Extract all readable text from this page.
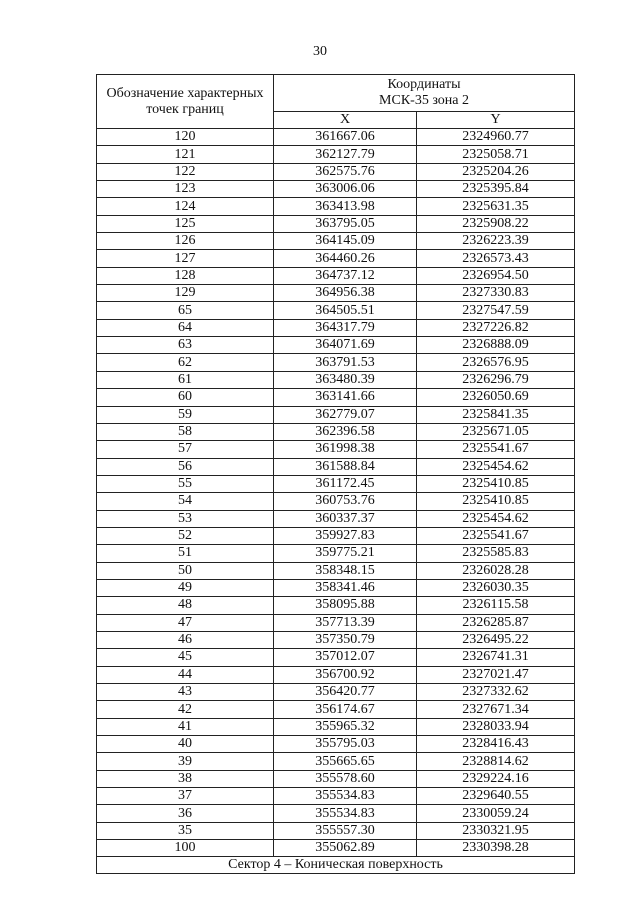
30
Обозначение характерных точек границ	Координаты
МСК-35 зона 2	

	X	Y
120	361667.06	2324960.77
121	362127.79	2325058.71
122	362575.76	2325204.26
123	363006.06	2325395.84
124	363413.98	2325631.35
125	363795.05	2325908.22
126	364145.09	2326223.39
127	364460.26	2326573.43
128	364737.12	2326954.50
129	364956.38	2327330.83
65	364505.51	2327547.59
64	364317.79	2327226.82
63	364071.69	2326888.09
62	363791.53	2326576.95
61	363480.39	2326296.79
60	363141.66	2326050.69
59	362779.07	2325841.35
58	362396.58	2325671.05
57	361998.38	2325541.67
56	361588.84	2325454.62
55	361172.45	2325410.85
54	360753.76	2325410.85
53	360337.37	2325454.62
52	359927.83	2325541.67
51	359775.21	2325585.83
50	358348.15	2326028.28
49	358341.46	2326030.35
48	358095.88	2326115.58
47	357713.39	2326285.87
46	357350.79	2326495.22
45	357012.07	2326741.31
44	356700.92	2327021.47
43	356420.77	2327332.62
42	356174.67	2327671.34
41	355965.32	2328033.94
40	355795.03	2328416.43
39	355665.65	2328814.62
38	355578.60	2329224.16
37	355534.83	2329640.55
36	355534.83	2330059.24
35	355557.30	2330321.95
100	355062.89	2330398.28
Сектор 4 – Коническая поверхность		
